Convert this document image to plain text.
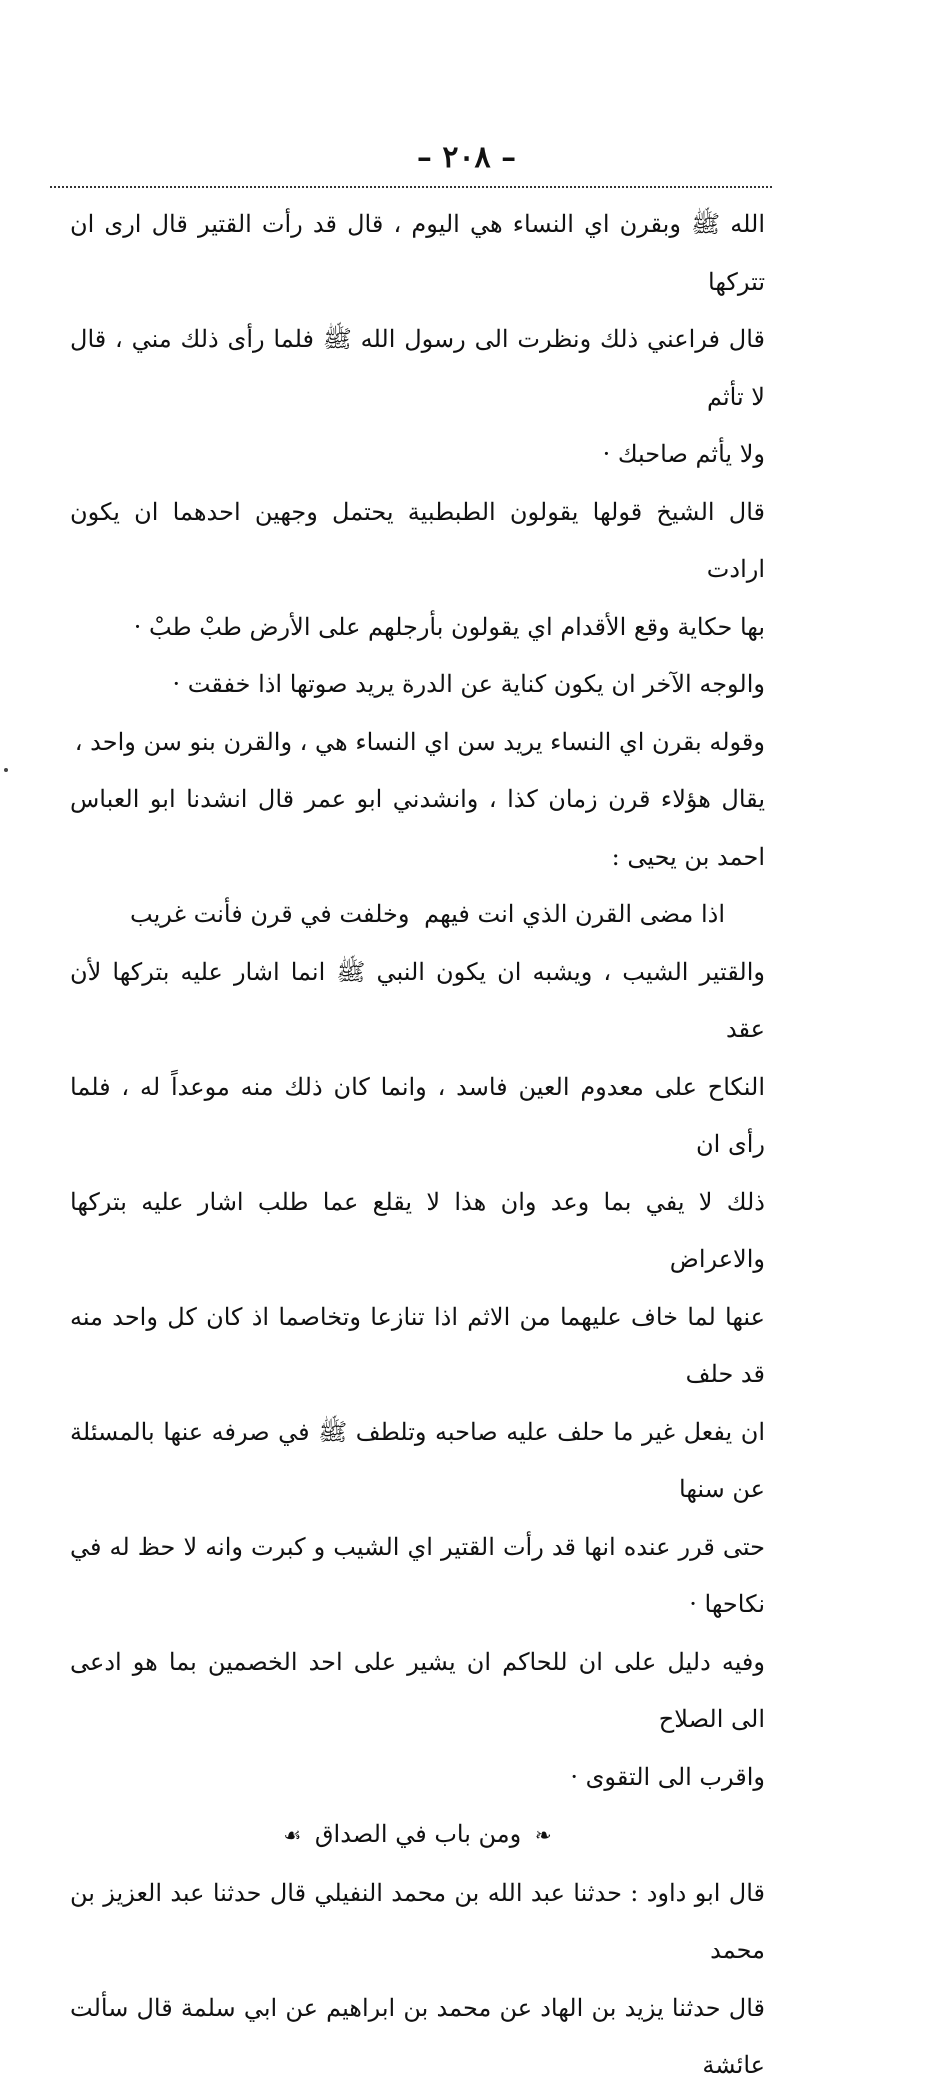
– ٢٠٨ –

الله ﷺ وبقرن اي النساء هي اليوم ، قال قد رأت القتير قال ارى ان تتركها

قال فراعني ذلك ونظرت الى رسول الله ﷺ فلما رأى ذلك مني ، قال لا تأثم

ولا يأثم صاحبك ·

قال الشيخ قولها يقولون الطبطبية يحتمل وجهين احدهما ان يكون ارادت

بها حكاية وقع الأقدام اي يقولون بأرجلهم على الأرض طبْ طبْ ·

والوجه الآخر ان يكون كناية عن الدرة يريد صوتها اذا خفقت ·

وقوله بقرن اي النساء يريد سن اي النساء هي ، والقرن بنو سن واحد ،

يقال هؤلاء قرن زمان كذا ، وانشدني ابو عمر قال انشدنا ابو العباس احمد بن يحيى :

اذا مضى القرن الذي انت فيهم
وخلفت في قرن فأنت غريب

والقتير الشيب ، ويشبه ان يكون النبي ﷺ انما اشار عليه بتركها لأن عقد

النكاح على معدوم العين فاسد ، وانما كان ذلك منه موعداً له ، فلما رأى ان

ذلك لا يفي بما وعد وان هذا لا يقلع عما طلب اشار عليه بتركها والاعراض

عنها لما خاف عليهما من الاثم اذا تنازعا وتخاصما اذ كان كل واحد منه قد حلف

ان يفعل غير ما حلف عليه صاحبه وتلطف ﷺ في صرفه عنها بالمسئلة عن سنها

حتى قرر عنده انها قد رأت القتير اي الشيب و كبرت وانه لا حظ له في نكاحها ·

وفيه دليل على ان للحاكم ان يشير على احد الخصمين بما هو ادعى الى الصلاح

واقرب الى التقوى ·

❧ ومن باب في الصداق ☙

قال ابو داود : حدثنا عبد الله بن محمد النفيلي قال حدثنا عبد العزيز بن محمد

قال حدثنا يزيد بن الهاد عن محمد بن ابراهيم عن ابي سلمة قال سألت عائشة
